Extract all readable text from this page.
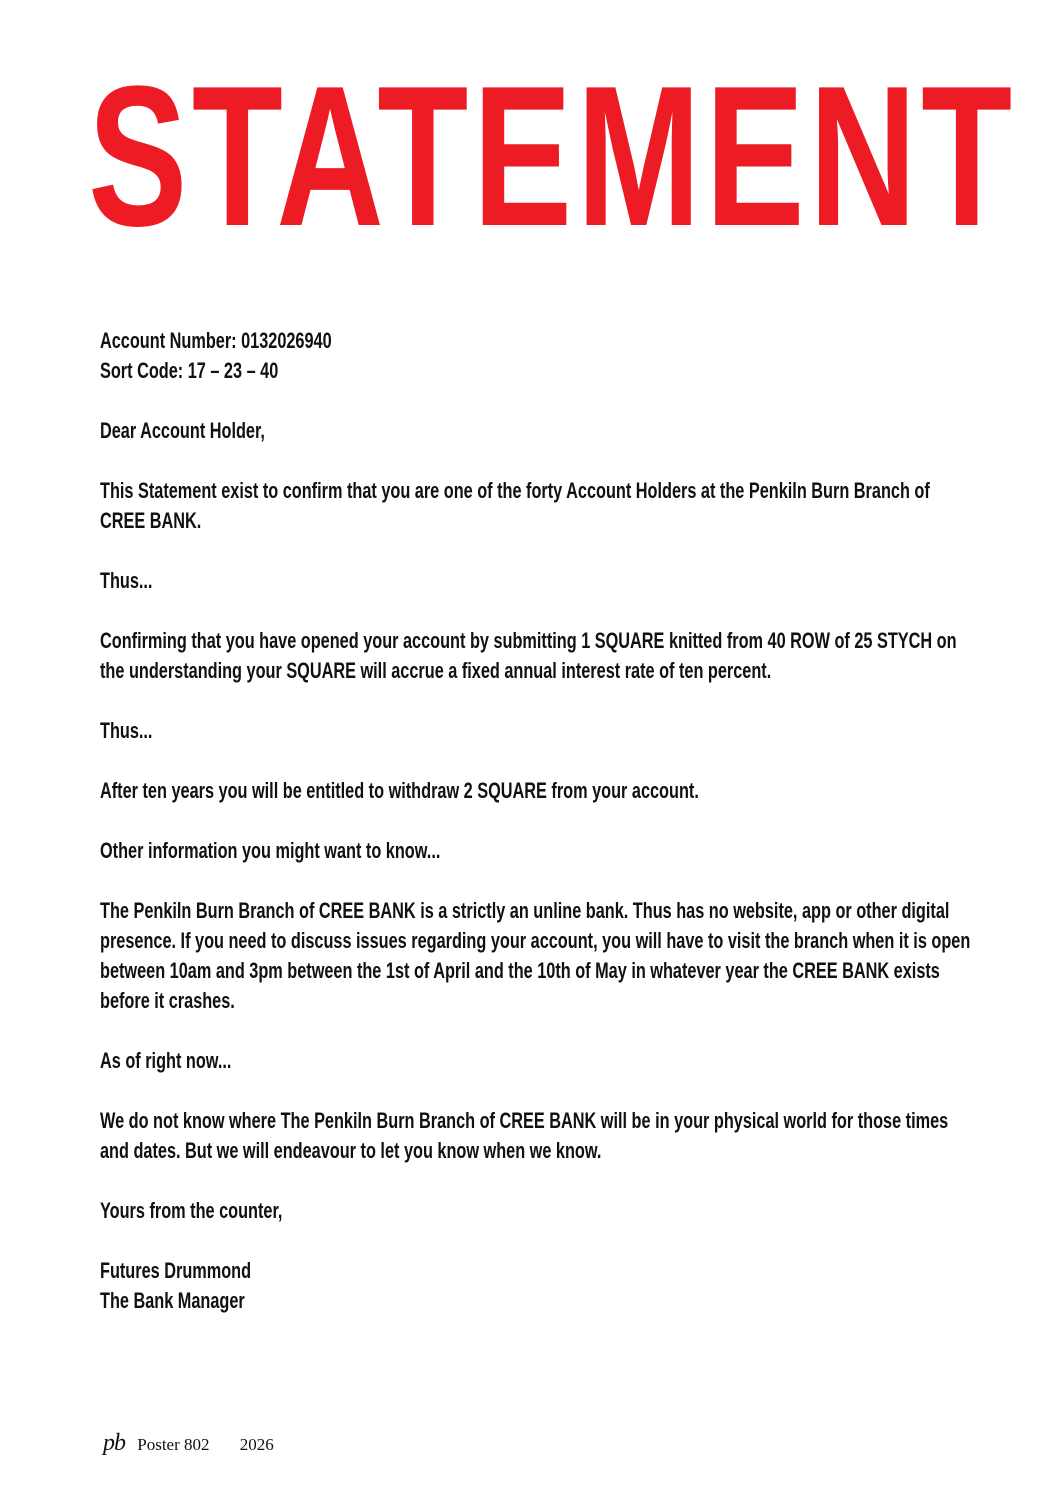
STATEMENT

Account Number: 0132026940

Sort Code: 17 – 23 – 40

Dear Account Holder,

This Statement exist to confirm that you are one of the forty Account Holders at the Penkiln Burn Branch of CREE BANK.

Thus...

Confirming that you have opened your account by submitting 1 SQUARE knitted from 40 ROW of 25 STYCH on the understanding your SQUARE will accrue a fixed annual interest rate of ten percent.

Thus...

After ten years you will be entitled to withdraw 2 SQUARE from your account.

Other information you might want to know...

The Penkiln Burn Branch of CREE BANK is a strictly an unline bank. Thus has no website, app or other digital presence. If you need to discuss issues regarding your account, you will have to visit the branch when it is open between 10am and 3pm between the 1st of April and the 10th of May in whatever year the CREE BANK exists before it crashes.

As of right now...

We do not know where The Penkiln Burn Branch of CREE BANK will be in your physical world for those times and dates. But we will endeavour to let you know when we know.

Yours from the counter,

Futures Drummond

The Bank Manager

pb Poster 802 2026
